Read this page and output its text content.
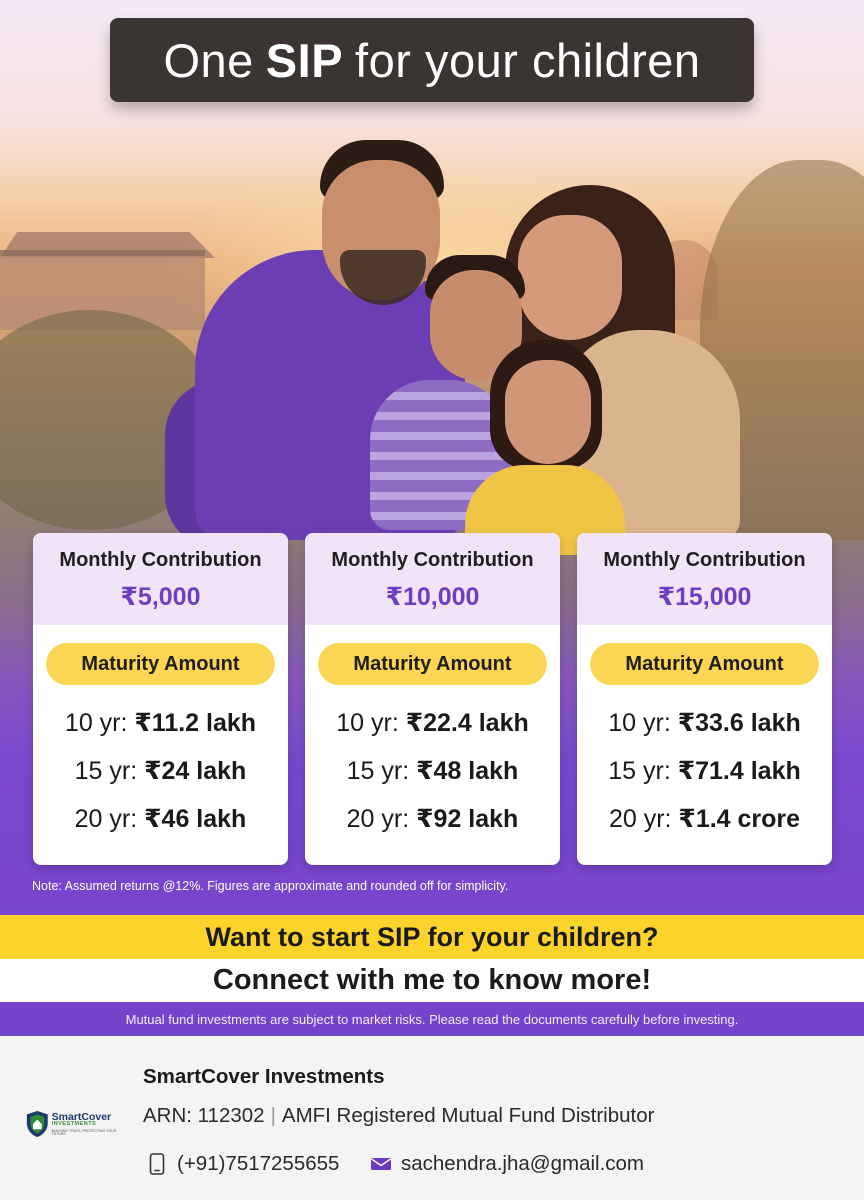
One SIP for your children
Monthly Contribution
₹5,000
Maturity Amount
10 yr: ₹11.2 lakh
15 yr: ₹24 lakh
20 yr: ₹46 lakh
Monthly Contribution
₹10,000
Maturity Amount
10 yr: ₹22.4 lakh
15 yr: ₹48 lakh
20 yr: ₹92 lakh
Monthly Contribution
₹15,000
Maturity Amount
10 yr: ₹33.6 lakh
15 yr: ₹71.4 lakh
20 yr: ₹1.4 crore
Note: Assumed returns @12%. Figures are approximate and rounded off for simplicity.
Want to start SIP for your children?
Connect with me to know more!
Mutual fund investments are subject to market risks. Please read the documents carefully before investing.
SmartCover
INVESTMENTS
BUILDING TRUST, PROTECTING YOUR FUTURE
SmartCover Investments
ARN: 112302 | AMFI Registered Mutual Fund Distributor
(+91)7517255655	sachendra.jha@gmail.com
